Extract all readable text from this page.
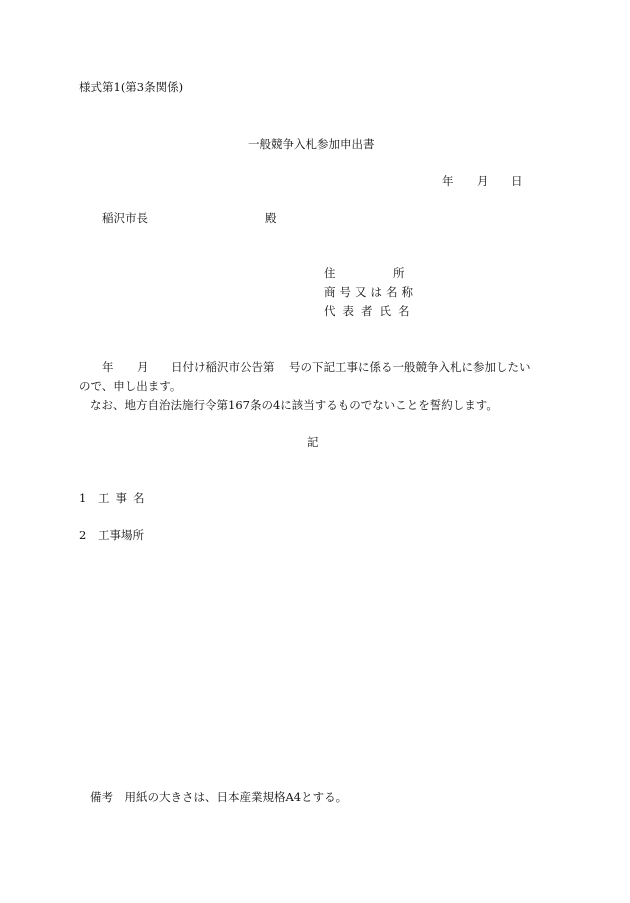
様式第1(第3条関係)
一般競争入札参加申出書
年 月 日
稲沢市長	殿
住	所
商号又は名称
代表者氏名
年 月 日付け稲沢市公告第 号の下記工事に係る一般競争入札に参加したい
ので、申し出ます。
なお、地方自治法施行令第167条の4に該当するものでないことを誓約します。
記
1 工事名
2 工事場所
備考　用紙の大きさは、日本産業規格A4とする。
